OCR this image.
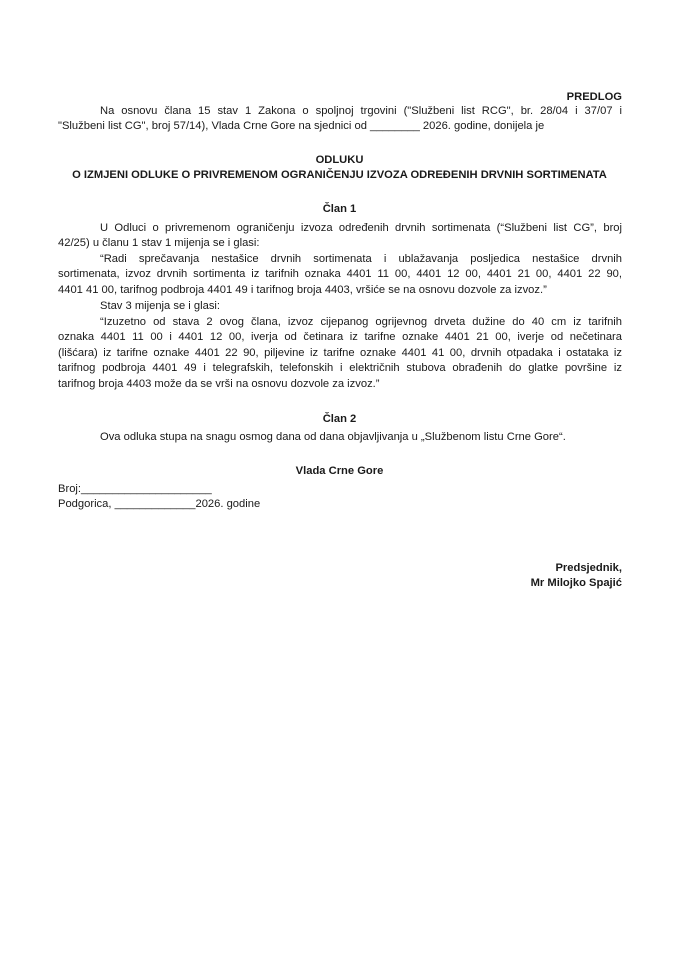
PREDLOG
Na osnovu člana 15 stav 1 Zakona o spoljnoj trgovini ("Službeni list RCG", br. 28/04 i 37/07 i
"Službeni list CG", broj 57/14), Vlada Crne Gore na sjednici od ________ 2026. godine, donijela je
ODLUKU
O IZMJENI ODLUKE O PRIVREMENOM OGRANIČENJU IZVOZA ODREĐENIH DRVNIH SORTIMENATA
Član 1
U Odluci o privremenom ograničenju izvoza određenih drvnih sortimenata (“Službeni list CG”, broj
42/25) u članu 1 stav 1 mijenja se i glasi:
“Radi sprečavanja nestašice drvnih sortimenata i ublažavanja posljedica nestašice drvnih
sortimenata, izvoz drvnih sortimenta iz tarifnih oznaka 4401 11 00, 4401 12 00, 4401 21 00, 4401 22 90,
4401 41 00, tarifnog podbroja 4401 49 i tarifnog broja 4403, vršiće se na osnovu dozvole za izvoz.”
Stav 3 mijenja se i glasi:
“Izuzetno od stava 2 ovog člana, izvoz cijepanog ogrijevnog drveta dužine do 40 cm iz tarifnih
oznaka 4401 11 00 i 4401 12 00, iverja od četinara iz tarifne oznake 4401 21 00, iverje od nečetinara
(lišćara) iz tarifne oznake 4401 22 90, piljevine iz tarifne oznake 4401 41 00, drvnih otpadaka i ostataka iz
tarifnog podbroja 4401 49 i telegrafskih, telefonskih i električnih stubova obrađenih do glatke površine iz
tarifnog broja 4403 može da se vrši na osnovu dozvole za izvoz.”
Član 2
Ova odluka stupa na snagu osmog dana od dana objavljivanja u „Službenom listu Crne Gore“.
Vlada Crne Gore
Broj:_____________________
Podgorica, _____________2026. godine
Predsjednik,
Mr Milojko Spajić
